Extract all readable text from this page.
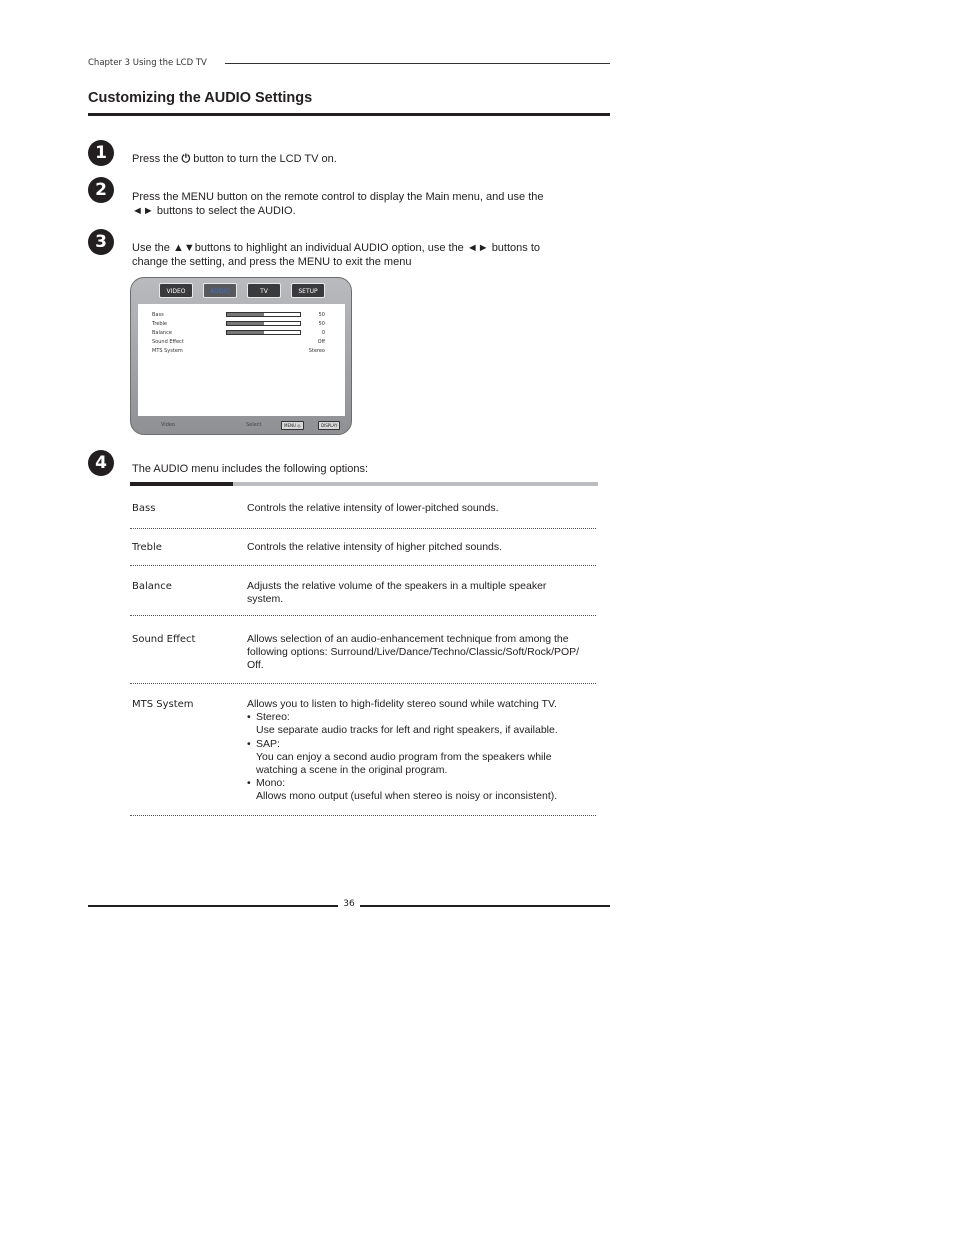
Chapter 3 Using the LCD TV
Customizing the AUDIO Settings
1	Press the ⏻ button to turn the LCD TV on.
2	Press the MENU button on the remote control to display the Main menu, and use the
◄► buttons to select the AUDIO.
3	Use the ▲▼buttons to highlight an individual AUDIO option, use the ◄► buttons to
change the setting, and press the MENU to exit the menu
VIDEO	AUDIO	TV	SETUP
Bass	50
Treble	50
Balance	0
Sound Effect	Off
MTS System	Stereo
Video	Select	MENU ◎	DISPLAY
4	The AUDIO menu includes the following options:
Bass	Controls the relative intensity of lower-pitched sounds.
Treble	Controls the relative intensity of higher pitched sounds.
Balance	Adjusts the relative volume of the speakers in a multiple speaker
system.
Sound Effect	Allows selection of an audio-enhancement technique from among the
following options: Surround/Live/Dance/Techno/Classic/Soft/Rock/POP/
Off.
MTS System	Allows you to listen to high-fidelity stereo sound while watching TV.
• Stereo:
Use separate audio tracks for left and right speakers, if available.
• SAP:
You can enjoy a second audio program from the speakers while
watching a scene in the original program.
• Mono:
Allows mono output (useful when stereo is noisy or inconsistent).
36
